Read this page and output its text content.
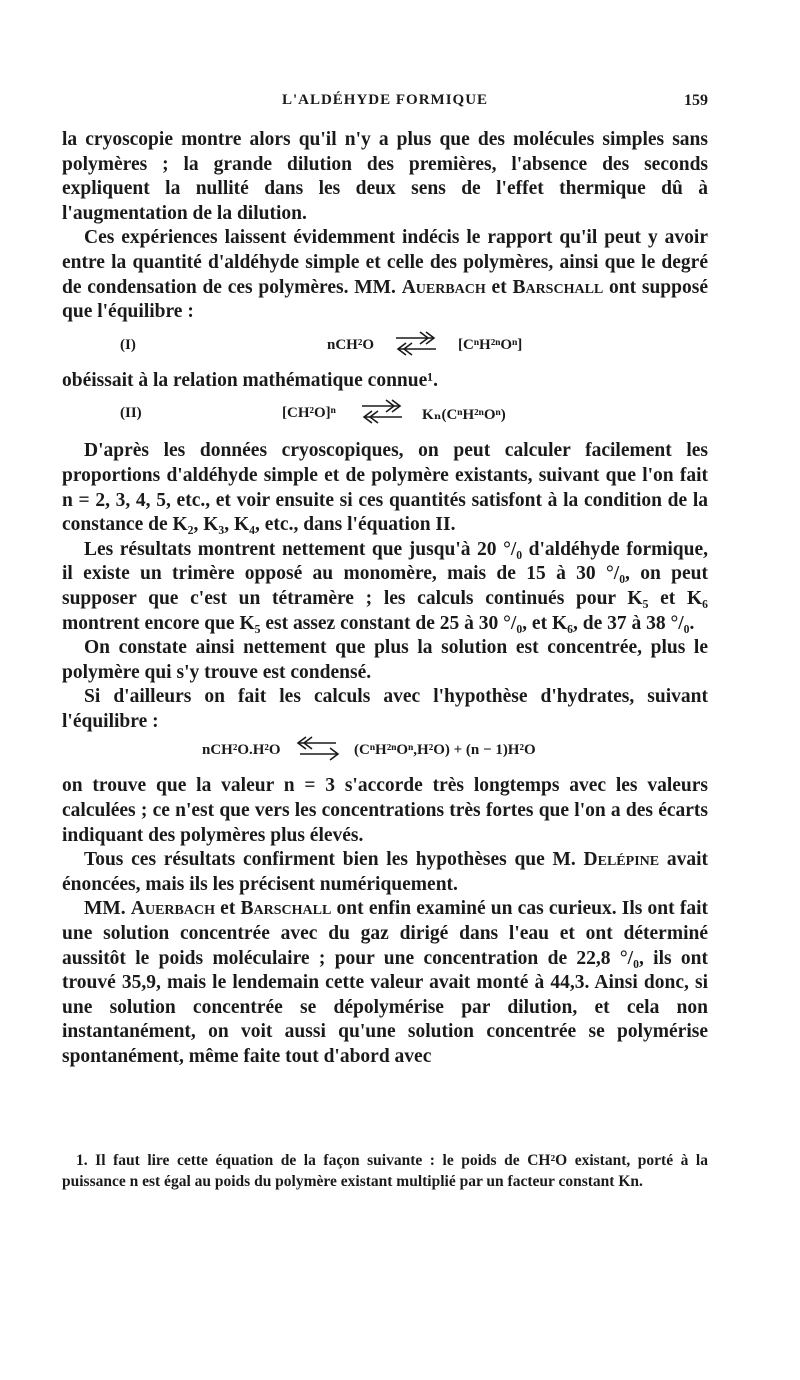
L'ALDÉHYDE FORMIQUE	159

la cryoscopie montre alors qu'il n'y a plus que des molécules simples sans polymères ; la grande dilution des premières, l'absence des seconds expliquent la nullité dans les deux sens de l'effet thermique dû à l'augmentation de la dilution.

Ces expériences laissent évidemment indécis le rapport qu'il peut y avoir entre la quantité d'aldéhyde simple et celle des polymères, ainsi que le degré de condensation de ces polymères. MM. Auerbach et Barschall ont supposé que l'équilibre :

(I)	nCH²O ⇌ [CⁿH²ⁿOⁿ]

obéissait à la relation mathématique connue¹.

(II)	[CH²O]ⁿ ⇌ Kₙ(CⁿH²ⁿOⁿ)

D'après les données cryoscopiques, on peut calculer facilement les proportions d'aldéhyde simple et de polymère existants, suivant que l'on fait n = 2, 3, 4, 5, etc., et voir ensuite si ces quantités satisfont à la condition de la constance de K₂, K₃, K₄, etc., dans l'équation II.

Les résultats montrent nettement que jusqu'à 20 °/₀ d'aldéhyde formique, il existe un trimère opposé au monomère, mais de 15 à 30 °/₀, on peut supposer que c'est un tétramère ; les calculs continués pour K₅ et K₆ montrent encore que K₅ est assez constant de 25 à 30 °/₀, et K₆, de 37 à 38 °/₀.

On constate ainsi nettement que plus la solution est concentrée, plus le polymère qui s'y trouve est condensé.

Si d'ailleurs on fait les calculs avec l'hypothèse d'hydrates, suivant l'équilibre :

nCH²O.H²O ⇌ (CⁿH²ⁿOⁿ,H²O) + (n − 1)H²O

on trouve que la valeur n = 3 s'accorde très longtemps avec les valeurs calculées ; ce n'est que vers les concentrations très fortes que l'on a des écarts indiquant des polymères plus élevés.

Tous ces résultats confirment bien les hypothèses que M. Delépine avait énoncées, mais ils les précisent numériquement.

MM. Auerbach et Barschall ont enfin examiné un cas curieux. Ils ont fait une solution concentrée avec du gaz dirigé dans l'eau et ont déterminé aussitôt le poids moléculaire ; pour une concentration de 22,8 °/₀, ils ont trouvé 35,9, mais le lendemain cette valeur avait monté à 44,3. Ainsi donc, si une solution concentrée se dépolymérise par dilution, et cela non instantanément, on voit aussi qu'une solution concentrée se polymérise spontanément, même faite tout d'abord avec

1. Il faut lire cette équation de la façon suivante : le poids de CH²O existant, porté à la puissance n est égal au poids du polymère existant multiplié par un facteur constant Kn.
